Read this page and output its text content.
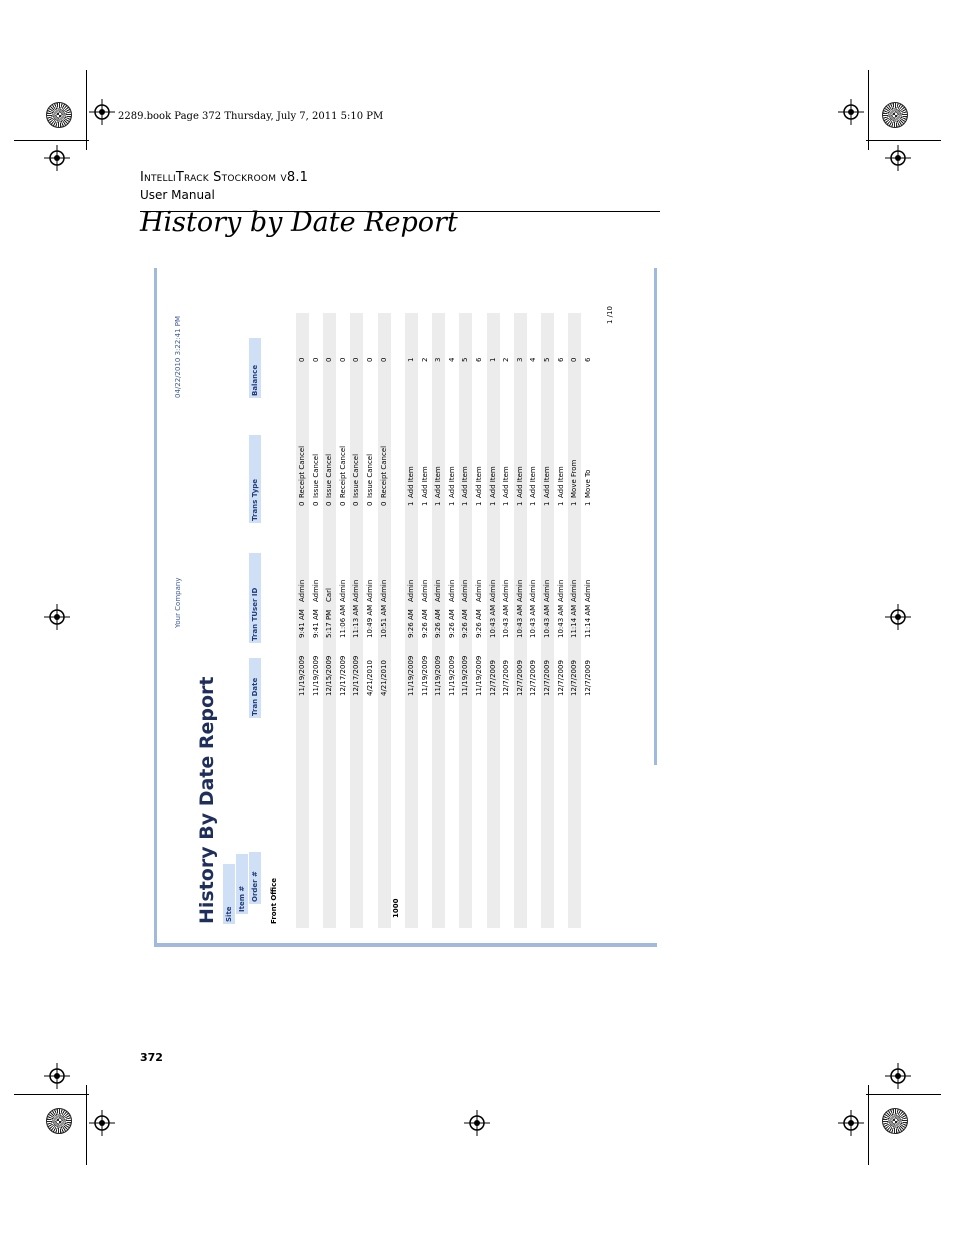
2289.book Page 372 Thursday, July 7, 2011 5:10 PM
IntelliTrack Stockroom v8.1
User Manual
History by Date Report
History By Date Report
Your Company
04/22/2010 3:22:41 PM
Site
Item # Order #
Tran Date
Tran TUser ID
Trans Type
Balance
Front Office	1000
11/19/2009
9:41 AM
Admin
0
Receipt Cancel
0
11/19/2009
9:41 AM
Admin
0
Issue Cancel
0
12/15/2009
5:17 PM
Carl
0
Issue Cancel
0
12/17/2009
11:06 AM
Admin
0
Receipt Cancel
0
12/17/2009
11:13 AM
Admin
0
Issue Cancel
0
4/21/2010
10:49 AM
Admin
0
Issue Cancel
0
4/21/2010
10:51 AM
Admin
0
Receipt Cancel
0
11/19/2009
9:26 AM
Admin
1
Add Item
1
11/19/2009
9:26 AM
Admin
1
Add Item
2
11/19/2009
9:26 AM
Admin
1
Add Item
3
11/19/2009
9:26 AM
Admin
1
Add Item
4
11/19/2009
9:26 AM
Admin
1
Add Item
5
11/19/2009
9:26 AM
Admin
1
Add Item
6
12/7/2009
10:43 AM
Admin
1
Add Item
1
12/7/2009
10:43 AM
Admin
1
Add Item
2
12/7/2009
10:43 AM
Admin
1
Add Item
3
12/7/2009
10:43 AM
Admin
1
Add Item
4
12/7/2009
10:43 AM
Admin
1
Add Item
5
12/7/2009
10:43 AM
Admin
1
Add Item
6
12/7/2009
11:14 AM
Admin
1
Move From
0
12/7/2009
11:14 AM
Admin
1
Move To
6
1 /10
372
